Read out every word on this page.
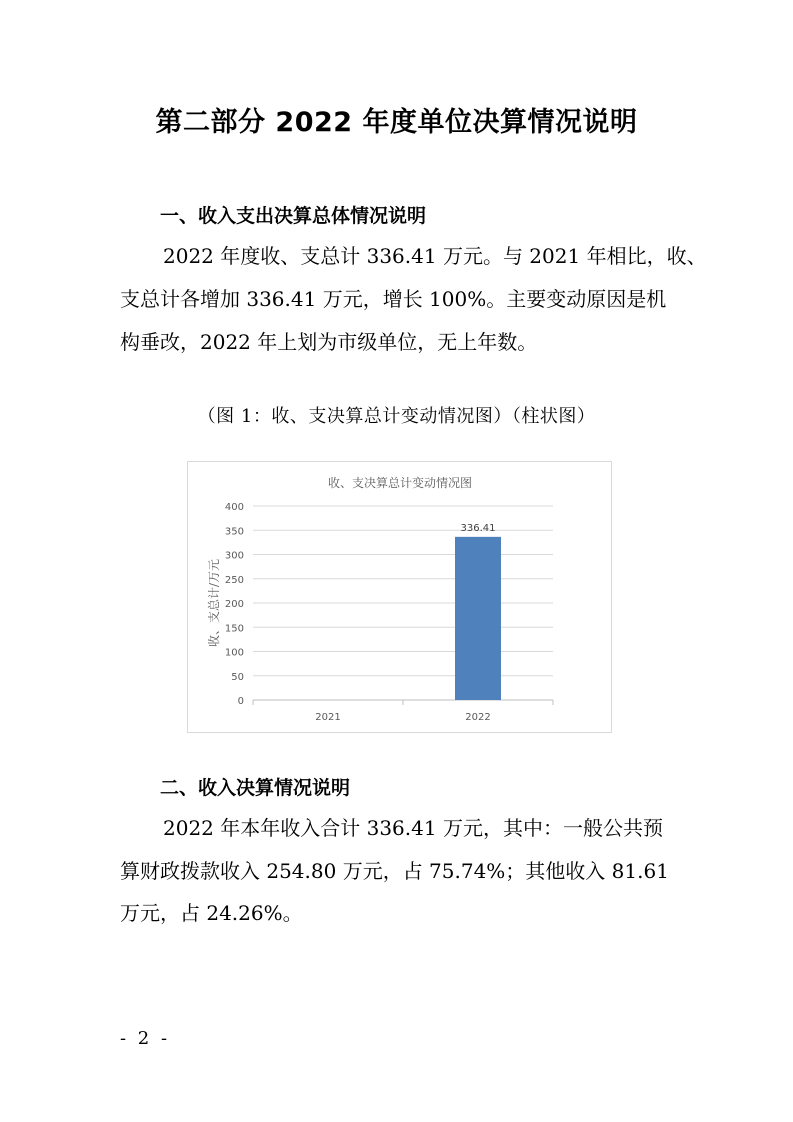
第二部分 2022 年度单位决算情况说明
一、收入支出决算总体情况说明
2022 年度收、支总计 336.41 万元。与 2021 年相比，收、
支总计各增加 336.41 万元，增长 100%。主要变动原因是机
构垂改，2022 年上划为市级单位，无上年数。
（图 1：收、支决算总计变动情况图）（柱状图）
收、支决算总计变动情况图
0
50
100
150
200
250
300
350
400
2021	2022
336.41
收、支总计/万元
二、收入决算情况说明
2022 年本年收入合计 336.41 万元，其中：一般公共预
算财政拨款收入 254.80 万元，占 75.74%；其他收入 81.61
万元，占 24.26%。
- 2 -
